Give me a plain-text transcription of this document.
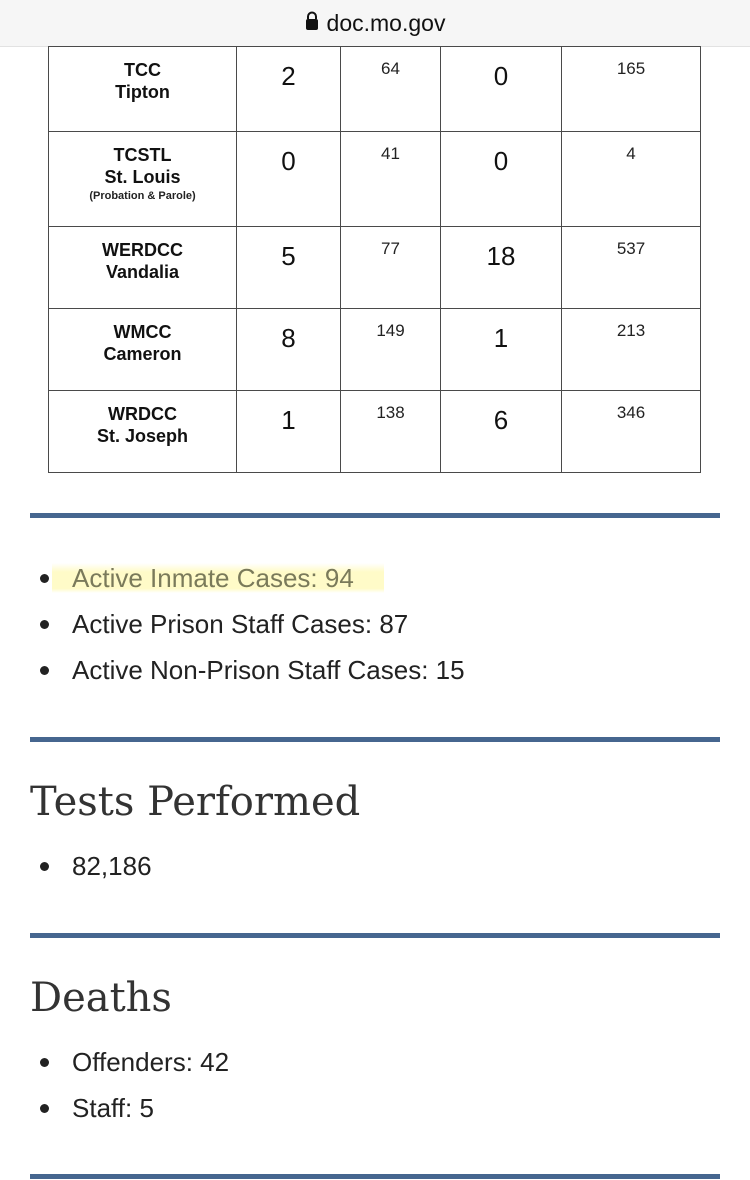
doc.mo.gov
TCC
Tipton	2	64	0	165

TCSTL
St. Louis
(Probation & Parole)	0	41	0	4

WERDCC
Vandalia	5	77	18	537

WMCC
Cameron	8	149	1	213

WRDCC
St. Joseph	1	138	6	346
Active Inmate Cases: 94
Active Prison Staff Cases: 87
Active Non-Prison Staff Cases: 15
Tests Performed
82,186
Deaths
Offenders: 42
Staff: 5
